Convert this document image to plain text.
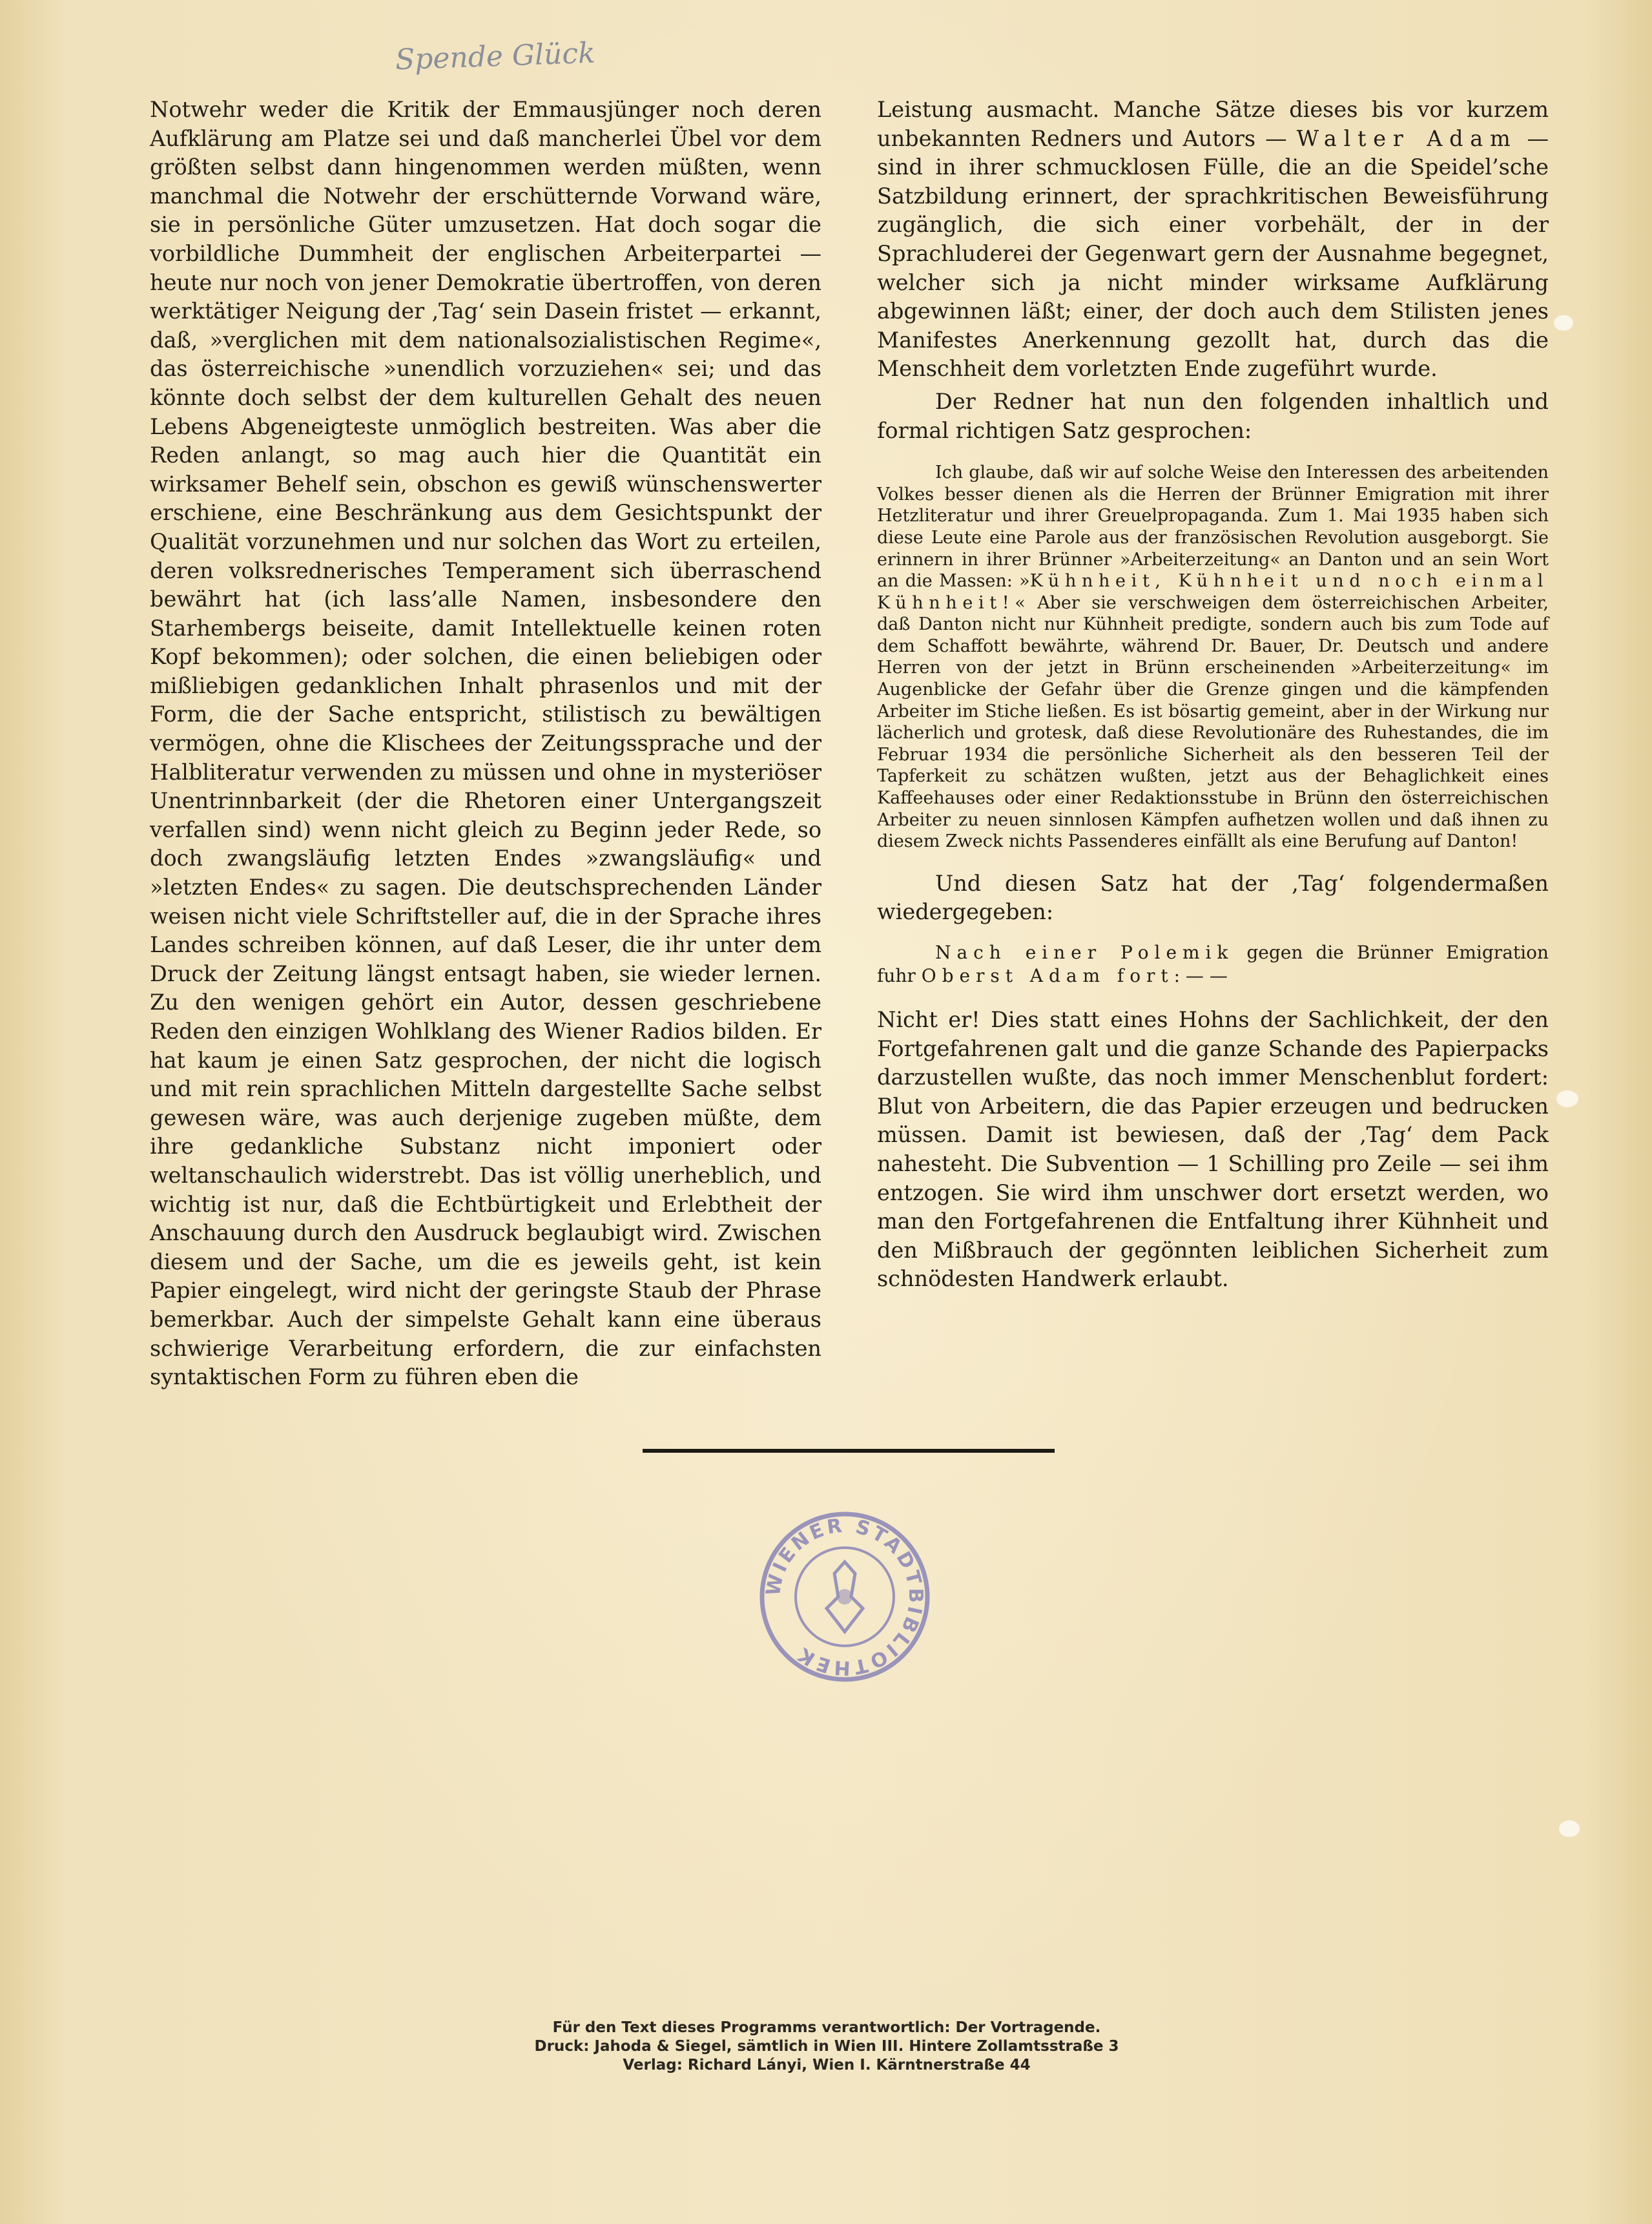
Spende Glück

Notwehr weder die Kritik der Emmausjünger noch deren Aufklärung am Platze sei und daß mancherlei Übel vor dem größten selbst dann hingenommen werden müßten, wenn manchmal die Notwehr der erschütternde Vorwand wäre, sie in persönliche Güter umzusetzen. Hat doch sogar die vorbildliche Dummheit der englischen Arbeiterpartei — heute nur noch von jener Demokratie übertroffen, von deren werktätiger Neigung der ‚Tag‘ sein Dasein fristet — erkannt, daß, »verglichen mit dem nationalsozialistischen Regime«, das österreichische »unendlich vorzuziehen« sei; und das könnte doch selbst der dem kulturellen Gehalt des neuen Lebens Abgeneigteste unmöglich bestreiten. Was aber die Reden anlangt, so mag auch hier die Quantität ein wirksamer Behelf sein, obschon es gewiß wünschenswerter erschiene, eine Beschränkung aus dem Gesichtspunkt der Qualität vorzunehmen und nur solchen das Wort zu erteilen, deren volksrednerisches Temperament sich überraschend bewährt hat (ich lass’alle Namen, insbesondere den Starhembergs beiseite, damit Intellektuelle keinen roten Kopf bekommen); oder solchen, die einen beliebigen oder mißliebigen gedanklichen Inhalt phrasenlos und mit der Form, die der Sache entspricht, stilistisch zu bewältigen vermögen, ohne die Klischees der Zeitungssprache und der Halbliteratur verwenden zu müssen und ohne in mysteriöser Unentrinnbarkeit (der die Rhetoren einer Untergangszeit verfallen sind) wenn nicht gleich zu Beginn jeder Rede, so doch zwangsläufig letzten Endes »zwangsläufig« und »letzten Endes« zu sagen. Die deutschsprechenden Länder weisen nicht viele Schriftsteller auf, die in der Sprache ihres Landes schreiben können, auf daß Leser, die ihr unter dem Druck der Zeitung längst entsagt haben, sie wieder lernen. Zu den wenigen gehört ein Autor, dessen geschriebene Reden den einzigen Wohlklang des Wiener Radios bilden. Er hat kaum je einen Satz gesprochen, der nicht die logisch und mit rein sprachlichen Mitteln dargestellte Sache selbst gewesen wäre, was auch derjenige zugeben müßte, dem ihre gedankliche Substanz nicht imponiert oder weltanschaulich widerstrebt. Das ist völlig unerheblich, und wichtig ist nur, daß die Echtbürtigkeit und Erlebtheit der Anschauung durch den Ausdruck beglaubigt wird. Zwischen diesem und der Sache, um die es jeweils geht, ist kein Papier eingelegt, wird nicht der geringste Staub der Phrase bemerkbar. Auch der simpelste Gehalt kann eine überaus schwierige Verarbeitung erfordern, die zur einfachsten syntaktischen Form zu führen eben die

Leistung ausmacht. Manche Sätze dieses bis vor kurzem unbekannten Redners und Autors — Walter Adam — sind in ihrer schmucklosen Fülle, die an die Speidel’sche Satzbildung erinnert, der sprachkritischen Beweisführung zugänglich, die sich einer vorbehält, der in der Sprachluderei der Gegenwart gern der Ausnahme begegnet, welcher sich ja nicht minder wirksame Aufklärung abgewinnen läßt; einer, der doch auch dem Stilisten jenes Manifestes Anerkennung gezollt hat, durch das die Menschheit dem vorletzten Ende zugeführt wurde.

Der Redner hat nun den folgenden inhaltlich und formal richtigen Satz gesprochen:

Ich glaube, daß wir auf solche Weise den Interessen des arbeitenden Volkes besser dienen als die Herren der Brünner Emigration mit ihrer Hetzliteratur und ihrer Greuelpropaganda. Zum 1. Mai 1935 haben sich diese Leute eine Parole aus der französischen Revolution ausgeborgt. Sie erinnern in ihrer Brünner »Arbeiterzeitung« an Danton und an sein Wort an die Massen: »Kühnheit, Kühnheit und noch einmal Kühnheit!« Aber sie verschweigen dem österreichischen Arbeiter, daß Danton nicht nur Kühnheit predigte, sondern auch bis zum Tode auf dem Schaffott bewährte, während Dr. Bauer, Dr. Deutsch und andere Herren von der jetzt in Brünn erscheinenden »Arbeiterzeitung« im Augenblicke der Gefahr über die Grenze gingen und die kämpfenden Arbeiter im Stiche ließen. Es ist bösartig gemeint, aber in der Wirkung nur lächerlich und grotesk, daß diese Revolutionäre des Ruhestandes, die im Februar 1934 die persönliche Sicherheit als den besseren Teil der Tapferkeit zu schätzen wußten, jetzt aus der Behaglichkeit eines Kaffeehauses oder einer Redaktionsstube in Brünn den österreichischen Arbeiter zu neuen sinnlosen Kämpfen aufhetzen wollen und daß ihnen zu diesem Zweck nichts Passenderes einfällt als eine Berufung auf Danton!

Und diesen Satz hat der ‚Tag‘ folgendermaßen wiedergegeben:

Nach einer Polemik gegen die Brünner Emigration fuhr Oberst Adam fort: — —

Nicht er! Dies statt eines Hohns der Sachlichkeit, der den Fortgefahrenen galt und die ganze Schande des Papierpacks darzustellen wußte, das noch immer Menschenblut fordert: Blut von Arbeitern, die das Papier erzeugen und bedrucken müssen. Damit ist bewiesen, daß der ‚Tag‘ dem Pack nahesteht. Die Subvention — 1 Schilling pro Zeile — sei ihm entzogen. Sie wird ihm unschwer dort ersetzt werden, wo man den Fortgefahrenen die Entfaltung ihrer Kühnheit und den Mißbrauch der gegönnten leiblichen Sicherheit zum schnödesten Handwerk erlaubt.

WIENER STADTBIBLIOTHEK
Für den Text dieses Programms verantwortlich: Der Vortragende.
Druck: Jahoda & Siegel, sämtlich in Wien III. Hintere Zollamtsstraße 3
Verlag: Richard Lányi, Wien I. Kärntnerstraße 44
